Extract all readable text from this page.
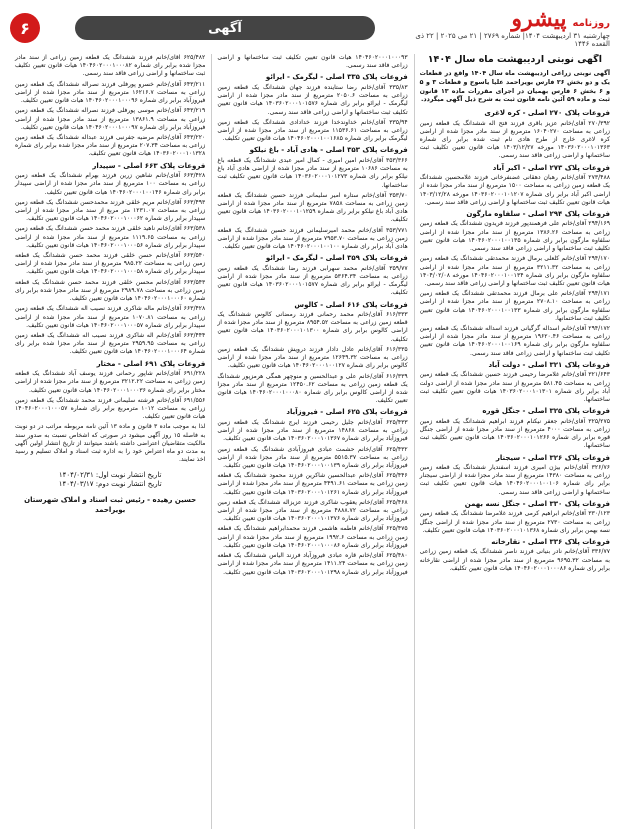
روزنامه
پیشرو
چهارشنبه ۳۱ اردیبهشت ۱۴۰۴| شماره ۲۷۶۹ | ۲۱ می ۲۰۲۵ | ۲۲ ذی القعده ۱۴۴۶
آگهی
۶
آگهی نوبتی اردیبهشت ماه سال ۱۴۰۴
آگهی نوبتی زراعی اردیبهشت ماه سال ۱۴۰۴ واقع در قطعات یک و دو بخش ۲۶ فارس بویراحمد علیا یاسوج و قطعات ۳ و ۵ و ۶ بخش ۶ فارس بهمیان در اجرای مقررات ماده ۱۳ قانون ثبت و ماده ۵۹ آئین نامه قانون ثبت به شرح ذیل آگهی میگردد.
فروعات پلاک ۲۷۰ اصلی - کره لاغری
۲۷۰/۳۹۲ آقای/خانم عزیز باقری فرزند فتح اله ششدانگ یک قطعه زمین زراعی به مساحت ۱۶۰۴۰۲۷۰ مترمربع از سند مادر مجزا شده از اراضی کره لاغری خارج از طرح هادی نام ثبت شده برابر رای شماره ۱۴۰۳۶۰۲۰۰۰۱۰۱۳۶۳ مورخه ۱۴۰۳/۱۲/۲۷ هیات قانون تعیین تکلیف ثبت ساختمانها و اراضی زراعی فاقد سند رسمی.
فروعات پلاک ۲۷۳ اصلی - اکبر آباد
۲۷۳/۴۸۸ آقای/خانم رهبان دهقانی غضنفرخانی فرزند غلامحسین ششدانگ یک قطعه زمین زراعی به مساحت ۱۵۰۰ مترمربع از سند مادر مجزا شده از اراضی اکبر آباد برابر رای شماره ۱۴۰۳۶۰۲۰۰۰۱۰۱۲۰۷ مورخه ۱۴۰۳/۱۲/۲۸ هیات قانون تعیین تکلیف ثبت ساختمانها و اراضی زراعی فاقد سند رسمی.
فروعات پلاک ۲۹۴ اصلی - سلفاوه مارگون
۲۹۴/۱۶۹ آقای/خانم علی فرهمندپور فرزند فریدون ششدانگ یک قطعه زمین زراعی به مساحت ۱۳۸۶.۲۶ مترمربع از سند مادر مجزا شده از اراضی سلفاوه مارگون برابر رای شماره ۱۴۰۴۶۰۲۰۰۰۱۰۰۱۳۵ هیات قانون تعیین تکلیف ثبت ساختمانها و اراضی زراعی فاقد سند رسمی.
۲۹۴/۱۷۰ آقای/خانم کلعلی برمال فرزند محمدتقی ششدانگ یک قطعه زمین زراعی به مساحت ۳۲۱۱.۳۲ مترمربع از سند مادر مجزا شده از اراضی سلفاوه مارگون برابر رای شماره ۱۴۰۴۶۰۲۰۰۰۱۰۰۱۳۴ مورخه ۱۴۰۴/۰۲/۰۸ هیات قانون تعیین تکلیف ثبت ساختمانها و اراضی زراعی فاقد سند رسمی.
۲۹۴/۱۷۱ آقای/خانم علی برمال فرزند محمدتقی ششدانگ یک قطعه زمین زراعی به مساحت ۲۷۰۸.۱۰ مترمربع از سند مادر مجزا شده از اراضی سلفاوه مارگون برابر رای شماره ۱۴۰۴۶۰۲۰۰۰۱۰۰۱۳۳ هیات قانون تعیین تکلیف ثبت ساختمانها.
۲۹۴/۱۷۲ آقای/خانم اسداله گرگیانی فرزند اسداله ششدانگ یک قطعه زمین زراعی به مساحت ۱۹۶۲۰.۴۶ مترمربع از سند مادر مجزا شده از اراضی سلفاوه مارگون برابر رای شماره ۱۴۰۴۶۰۲۰۰۰۱۰۰۱۶۹ هیات قانون تعیین تکلیف ثبت ساختمانها و اراضی زراعی فاقد سند رسمی.
فروعات پلاک ۳۲۱ اصلی - دولت آباد
۳۲۱/۶۴۳ آقای/خانم غلامرضا رحیمی فرزند حسین ششدانگ یک قطعه زمین زراعی به مساحت ۵۸۱.۴۵ مترمربع از سند مادر مجزا شده از اراضی دولت آباد برابر رای شماره ۱۴۰۳۶۰۲۰۰۰۱۰۱۳۰۱ هیات قانون تعیین تکلیف ثبت ساختمانها.
فروعات پلاک ۳۲۵ اصلی - جنگل قوره
۳۲۵/۲۷۵ آقای/خانم جعفر نیکنام فرزند ابراهیم ششدانگ یک قطعه زمین زراعی به مساحت ۴۰۰۰ مترمربع از سند مادر مجزا شده از اراضی جنگل قوره برابر رای شماره ۱۴۰۳۶۰۲۰۰۰۱۰۱۲۶۶ هیات قانون تعیین تکلیف ثبت ساختمانها.
فروعات پلاک ۳۲۶ اصلی - سیجنار
۳۲۶/۷۶ آقای/خانم بیژن امیری فرزند اسفندیار ششدانگ یک قطعه زمین زراعی به مساحت ۱۴۳۸۰ مترمربع از سند مادر مجزا شده از اراضی سیجنار برابر رای شماره ۱۴۰۴۶۰۲۰۰۰۱۰۰۱۰۶ هیات قانون تعیین تکلیف ثبت ساختمانها و اراضی زراعی فاقد سند رسمی.
فروعات پلاک ۳۳۰ اصلی - جنگل نسه بهمن
۳۳۰/۱۲۳ آقای/خانم ابراهیم کرمی فرزند غلامرضا ششدانگ یک قطعه زمین زراعی به مساحت ۲۷۳۰ مترمربع از سند مادر مجزا شده از اراضی جنگل نسه بهمن برابر رای شماره ۱۴۰۳۶۰۲۰۰۰۱۰۱۳۶۸ هیات قانون تعیین تکلیف.
فروعات پلاک ۳۳۶ اصلی - نقارخانه
۳۳۶/۷۷ آقای/خانم نادر بنیانی فرزند ناصر ششدانگ یک قطعه زمین زراعی به مساحت ۹۶۹۵.۳۲ مترمربع از سند مادر مجزا شده از اراضی نقارخانه برابر رای شماره ۱۴۰۴۶۰۲۰۰۰۱۰۰۰۸۶ هیات قانون تعیین تکلیف.
۱۴۰۴۶۰۲۰۰۰۱۰۰۰۹۳ هیات قانون تعیین تکلیف ثبت ساختمانها و اراضی زراعی فاقد سند رسمی.
فروعات پلاک ۳۳۵ اصلی - لیگرمک - ایرائو
۳۳۵/۸۳ آقای/خانم رضا ستاینده فرزند جهان ششدانگ یک قطعه زمین زراعی به مساحت ۲۰۵۰.۶ مترمربع از سند مادر مجزا شده از اراضی لیگرمک - ایرائو برابر رای شماره ۱۴۰۳۶۰۲۰۰۰۱۰۱۵۷۶ هیات قانون تعیین تکلیف ثبت ساختمانها و اراضی زراعی فاقد سند رسمی.
۳۳۵/۹۴ آقای/خانم خداوندخدا فرزند خدادادی ششدانگ یک قطعه زمین زراعی به مساحت ۱۱۵۳۶.۶۱ مترمربع از سند مادر مجزا شده از اراضی لیگرمک برابر رای شماره ۱۴۰۴۶۰۲۰۰۰۱۰۰۱۶۸۵ هیات قانون تعیین تکلیف.
فروعات پلاک ۳۵۳ اصلی - هادی آباد - باغ نیلکو
۳۵۳/۳۶۶ آقای/خانم امین امیری - کمال امیر عبدی ششدانگ یک قطعه باغ به مساحت ۱۰۶۸۶ مترمربع از سند مادر مجزا شده از اراضی هادی آباد باغ نیلکو برابر رای شماره ۱۴۰۳۶۰۲۰۰۰۱۰۱۲۷۳ هیات قانون تعیین تکلیف ثبت ساختمانها.
۳۵۳/۷۰ آقای/خانم ستاره امیر سلیمانی فرزند حسین ششدانگ یک قطعه زمین زراعی به مساحت ۷۸۵۸ مترمربع از سند مادر مجزا شده از اراضی هادی آباد باغ نیلکو برابر رای شماره ۱۴۰۳۶۰۲۰۰۰۱۰۱۲۵۹ هیات قانون تعیین تکلیف.
۳۵۳/۷۷۱ آقای/خانم محمد امیرسلیمانی فرزند حسین ششدانگ یک قطعه زمین زراعی به مساحت ۷۹۵۳.۷۰ مترمربع از سند مادر مجزا شده از اراضی هادی آباد برابر رای شماره ۱۴۰۴۶۰۲۰۰۰۱۰۰۱۰۰ هیات قانون تعیین تکلیف.
فروعات پلاک ۳۵۹ اصلی - لیگرمک - ایرائو
۳۵۹/۷۷ آقای/خانم محمد سهرابی فرزند رضا ششدانگ یک قطعه زمین زراعی به مساحت ۵۳۶۴.۳۴ مترمربع از سند مادر مجزا شده از اراضی لیگرمک - ایرائو برابر رای شماره ۱۴۰۳۶۰۲۰۰۰۱۰۱۵۷۷ هیات قانون تعیین تکلیف.
فروعات پلاک ۶۱۶ اصلی - کالوس
۶۱۶/۳۳۳ آقای/خانم محمد رحمانی فرزند رمضانی کالوس ششدانگ یک قطعه زمین زراعی به مساحت ۸۹۵۴.۵۲ مترمربع از سند مادر مجزا شده از اراضی کالوس برابر رای شماره ۱۴۰۳۶۰۲۰۰۰۱۰۱۳۰۰ هیات قانون تعیین تکلیف.
۶۱۶/۳۳۵ آقای/خانم عادل دادار فرزند درویش ششدانگ یک قطعه زمین زراعی به مساحت ۱۲۶۴۹.۳۲ مترمربع از سند مادر مجزا شده از اراضی کالوس برابر رای شماره ۱۴۰۴۶۰۲۰۰۰۱۰۰۱۲۷ هیات قانون تعیین تکلیف.
۶۱۶/۳۳۹ آقای/خانم علی و عبدالحسین و منوچهر همگی هرمزپور ششدانگ یک قطعه زمین زراعی به مساحت ۱۲۴۵۰.۶۲ مترمربع از سند مادر مجزا شده از اراضی کالوس برابر رای شماره ۱۴۰۴۶۰۲۰۰۰۱۰۰۰۸۰ هیات قانون تعیین تکلیف.
فروعات پلاک ۶۲۵ اصلی - فیروزآباد
۶۲۵/۴۳۳ آقای/خانم جلیل رحیمی فرزند ایرج ششدانگ یک قطعه زمین زراعی به مساحت ۱۴۸۶۸ مترمربع از سند مادر مجزا شده از اراضی فیروزآباد برابر رای شماره ۱۴۰۳۶۰۲۰۰۰۱۰۱۳۶۷ هیات قانون تعیین تکلیف.
۶۲۵/۴۳۲ آقای/خانم حشمت عبادی فیروزآبادی ششدانگ یک قطعه زمین زراعی به مساحت ۵۵۱۵.۳۷ مترمربع از سند مادر مجزا شده از اراضی فیروزآباد برابر رای شماره ۱۴۰۴۶۰۲۰۰۰۱۰۰۱۳۹ هیات قانون تعیین تکلیف.
۶۲۵/۴۴۶ آقای/خانم عبدالحسین شاکرین فرزند محمود ششدانگ یک قطعه زمین زراعی به مساحت ۴۴۹۱.۶۱ مترمربع از سند مادر مجزا شده از اراضی فیروزآباد برابر رای شماره ۱۴۰۳۶۰۲۰۰۰۱۰۱۲۶۱ هیات قانون تعیین تکلیف.
۶۲۵/۴۶۸ آقای/خانم یعقوب شاکری فرزند عزیزاله ششدانگ یک قطعه زمین زراعی به مساحت ۴۸۸۸.۷۲ مترمربع از سند مادر مجزا شده از اراضی فیروزآباد برابر رای شماره ۱۴۰۳۶۰۲۰۰۰۱۰۱۳۷۶ هیات قانون تعیین تکلیف.
۶۲۵/۴۷۵ آقای/خانم فاطمه هاشمی فرزند محمدابراهیم ششدانگ یک قطعه زمین زراعی به مساحت ۱۹۹۲.۶ مترمربع از سند مادر مجزا شده از اراضی فیروزآباد برابر رای شماره ۱۴۰۴۶۰۲۰۰۰۱۰۰۰۸۶ هیات قانون تعیین تکلیف.
۶۲۵/۴۸۰ آقای/خانم قاره عبادی فیروزآباد فرزند الیاس ششدانگ یک قطعه زمین زراعی به مساحت ۱۴۱۱.۲۴ مترمربع از سند مادر مجزا شده از اراضی فیروزآباد برابر رای شماره ۱۴۰۳۶۰۲۰۰۰۱۰۱۳۹۸ هیات قانون تعیین تکلیف.
۶۲۵/۴۸۲ آقای/خانم فرزند ششدانگ یک قطعه زمین زراعی از سند مادر مجزا شده برابر رای شماره ۱۴۰۴۶۰۲۰۰۰۱۰۰۰۸۲ هیات قانون تعیین تکلیف ثبت ساختمانها و اراضی زراعی فاقد سند رسمی.
۶۴۳/۲۱۱ آقای/خانم خسرو پورفلی فرزند نصراله ششدانگ یک قطعه زمین زراعی به مساحت ۱۶۲۱۶.۷ مترمربع از سند مادر مجزا شده از اراضی فیروزآباد برابر رای شماره ۱۴۰۴۶۰۲۰۰۰۱۰۰۰۹۶ هیات قانون تعیین تکلیف.
۶۴۳/۲۱۹ آقای/خانم موسی پورفلی فرزند نصراله ششدانگ یک قطعه زمین زراعی به مساحت ۱۳۸۶۱.۹ مترمربع از سند مادر مجزا شده از اراضی فیروزآباد برابر رای شماره ۱۴۰۴۶۰۲۰۰۰۱۰۰۰۹۷ هیات قانون تعیین تکلیف.
۶۴۳/۲۲۰ آقای/خانم مرضیه جفرنبی فرزند عبداله ششدانگ یک قطعه زمین زراعی به مساحت ۲۰۷.۳۴ مترمربع از سند مادر مجزا شده برابر رای شماره ۱۴۰۳۶۰۲۰۰۰۱۰۱۳۲۸ هیات قانون تعیین تکلیف.
فروعات پلاک ۶۶۳ اصلی - سپیدار
۶۶۳/۴۲۸ آقای/خانم شاهین زرین فرزند بهرام ششدانگ یک قطعه زمین زراعی به مساحت ۱۰۰ مترمربع از سند مادر مجزا شده از اراضی سپیدار برابر رای شماره ۱۴۰۴۶۰۲۰۰۰۱۰۰۱۴۶ هیات قانون تعیین تکلیف.
۶۶۳/۴۹۳ آقای/خانم مریم خلقی فرزند محمدحسن ششدانگ یک قطعه زمین زراعی به مساحت ۱۲۳۱.۰۷ متر مربع از سند مادر مجزا شده از اراضی سپیدار برابر رای شماره ۱۴۰۴۶۰۲۰۰۰۱۰۰۰۶۲ هیات قانون تعیین تکلیف.
۶۶۳/۵۳۸ آقای/خانم ناهید خلقی فرزند محمد حسن ششدانگ یک قطعه زمین زراعی به مساحت ۱۱۱۹.۶۵ مترمربع از سند مادر مجزا شده از اراضی سپیدار برابر رای شماره ۱۴۰۴۶۰۲۰۰۰۱۰۰۰۵۶ هیات قانون تعیین تکلیف.
۶۶۳/۵۴۰ آقای/خانم حسن خلقی فرزند محمد حسن ششدانگ یک قطعه زمین زراعی به مساحت ۹۸۵.۲۲ مترمربع از سند مادر مجزا شده از اراضی سپیدار برابر رای شماره ۱۴۰۴۶۰۲۰۰۰۱۰۰۰۵۸ هیات قانون تعیین تکلیف.
۶۶۳/۵۴۳ آقای/خانم محسن خلقی فرزند محمد حسن ششدانگ یک قطعه زمین زراعی به مساحت ۲۹۸۹.۷۸ مترمربع از سند مادر مجزا شده برابر رای شماره ۱۴۰۴۶۰۲۰۰۰۱۰۰۰۶۰ هیات قانون تعیین تکلیف.
۶۶۳/۴۲۸ آقای/خانم ماله شاکری فرزند نصیب اله ششدانگ یک قطعه زمین زراعی به مساحت ۱۰۷۰.۸۱ مترمربع از سند مادر مجزا شده از اراضی سپیدار برابر رای شماره ۱۴۰۴۶۰۲۰۰۰۱۰۰۰۵۷ هیات قانون تعیین تکلیف.
۶۶۳/۴۴۴ آقای/خانم اله شاکری فرزند نصیب اله ششدانگ یک قطعه زمین زراعی به مساحت ۲۹۵۹.۹۵ مترمربع از سند مادر مجزا شده برابر رای شماره ۱۴۰۴۶۰۲۰۰۰۱۰۰۰۶۴ هیات قانون تعیین تکلیف.
فروعات پلاک ۶۹۱ اصلی - مختار
۶۹۱/۲۲۸ آقای/خانم شاپور رحمانی فرزند یوسف آباد ششدانگ یک قطعه زمین زراعی به مساحت ۳۲۱۲.۲۲ مترمربع از سند مادر مجزا شده از اراضی مختار برابر رای شماره ۱۴۰۴۶۰۲۰۰۰۱۰۰۰۳۶ هیات قانون تعیین تکلیف.
۶۹۱/۵۵۶ آقای/خانم فرشته سلیمانی فرزند محمد ششدانگ یک قطعه زمین زراعی به مساحت ۱۰۱۲ مترمربع برابر رای شماره ۱۴۰۴۶۰۲۰۰۰۱۰۰۰۵۷ هیات قانون تعیین تکلیف.
لذا به موجب ماده ۳ قانون و ماده ۱۳ آئین نامه مربوطه مراتب در دو نوبت به فاصله ۱۵ روز آگهی میشود در صورتی که اشخاص نسبت به صدور سند مالکیت متقاضیان اعتراضی داشته باشند میتوانند از تاریخ انتشار اولین آگهی به مدت دو ماه اعتراض خود را به اداره ثبت اسناد و املاک تسلیم و رسید اخذ نمایند.
تاریخ انتشار نوبت اول: ۱۴۰۴/۰۲/۳۱
تاریخ انتشار نوبت دوم: ۱۴۰۴/۰۳/۱۷
حسین رهیده - رئیس ثبت اسناد و املاک شهرستان بویراحمد
